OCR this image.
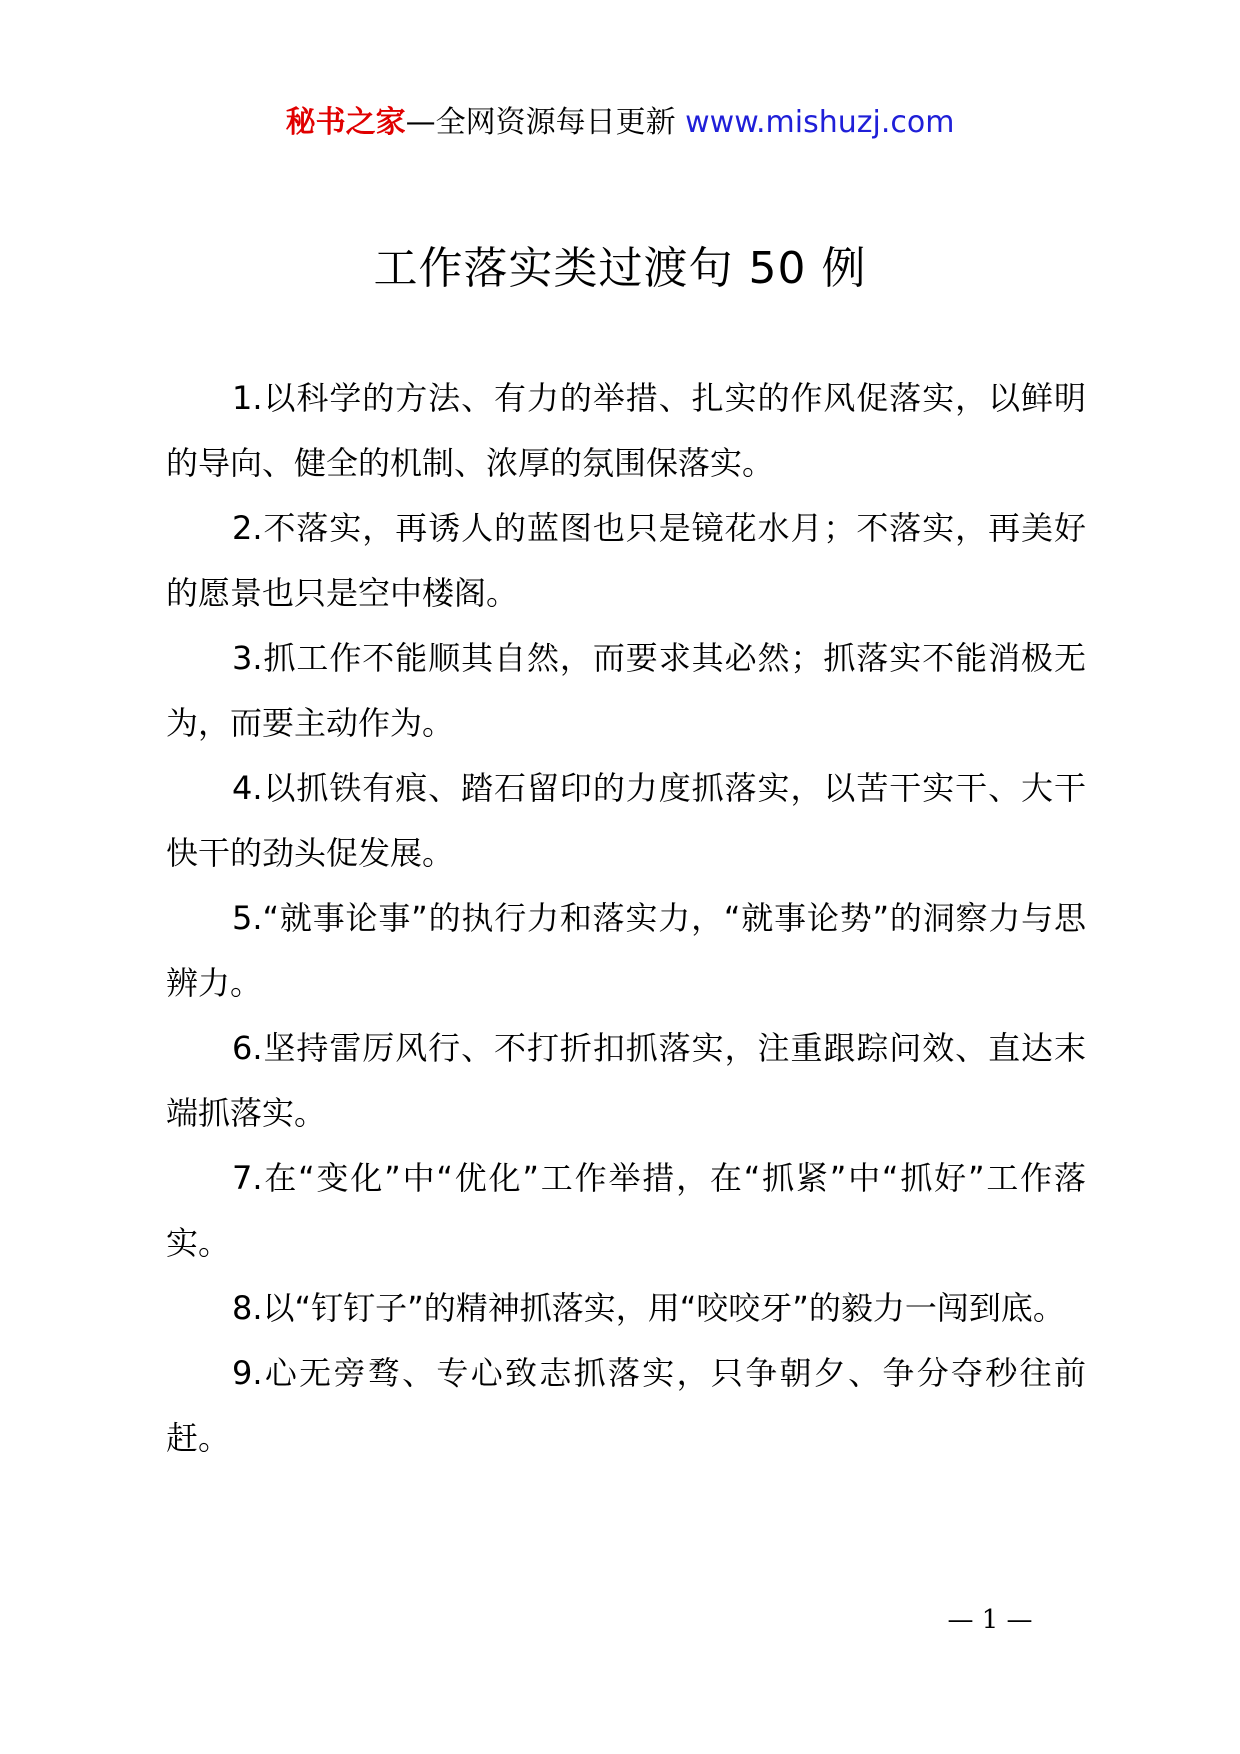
秘书之家—全网资源每日更新 www.mishuzj.com
工作落实类过渡句 50 例

1.以科学的方法、有力的举措、扎实的作风促落实，以鲜明的导向、健全的机制、浓厚的氛围保落实。

2.不落实，再诱人的蓝图也只是镜花水月；不落实，再美好的愿景也只是空中楼阁。

3.抓工作不能顺其自然，而要求其必然；抓落实不能消极无为，而要主动作为。

4.以抓铁有痕、踏石留印的力度抓落实，以苦干实干、大干快干的劲头促发展。

5.“就事论事”的执行力和落实力，“就事论势”的洞察力与思辨力。

6.坚持雷厉风行、不打折扣抓落实，注重跟踪问效、直达末端抓落实。

7.在“变化”中“优化”工作举措，在“抓紧”中“抓好”工作落实。

8.以“钉钉子”的精神抓落实，用“咬咬牙”的毅力一闯到底。

9.心无旁骛、专心致志抓落实，只争朝夕、争分夺秒往前赶。

— 1 —
